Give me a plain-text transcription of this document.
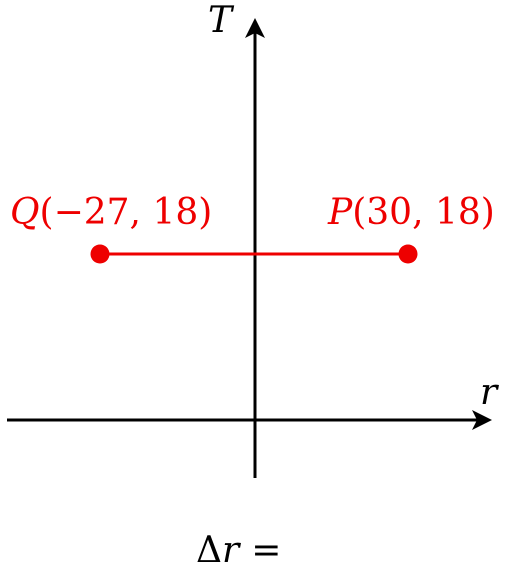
r
T
Q(−27, 18)	P(30, 18)
Δr =
